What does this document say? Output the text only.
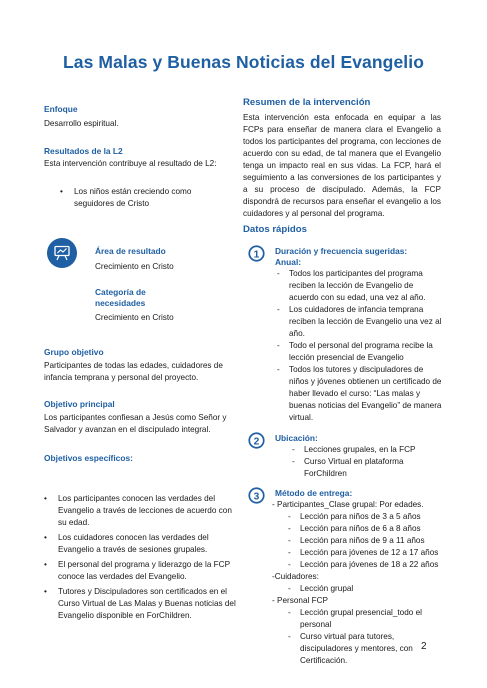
Las Malas y Buenas Noticias del Evangelio
Enfoque
Desarrollo espiritual.
Resultados de la L2
Esta intervención contribuye al resultado de L2:
• Los niños están creciendo como seguidores de Cristo
Área de resultado
Crecimiento en Cristo
Categoría de necesidades
Crecimiento en Cristo
Grupo objetivo
Participantes de todas las edades, cuidadores de infancia temprana y personal del proyecto.
Objetivo principal
Los participantes confiesan a Jesús como Señor y Salvador y avanzan en el discipulado integral.
Objetivos específicos:
• Los participantes conocen las verdades del Evangelio a través de lecciones de acuerdo con su edad.
• Los cuidadores conocen las verdades del Evangelio a través de sesiones grupales.
• El personal del programa y liderazgo de la FCP conoce las verdades del Evangelio.
• Tutores y Discipuladores son certificados en el Curso Virtual de Las Malas y Buenas noticias del Evangelio disponible en ForChildren.
Resumen de la intervención
Esta intervención esta enfocada en equipar a las FCPs para enseñar de manera clara el Evangelio a todos los participantes del programa, con lecciones de acuerdo con su edad, de tal manera que el Evangelio tenga un impacto real en sus vidas. La FCP, hará el seguimiento a las conversiones de los participantes y a su proceso de discipulado. Además, la FCP dispondrá de recursos para enseñar el evangelio a los cuidadores y al personal del programa.
Datos rápidos
1 Duración y frecuencia sugeridas:
Anual:
- Todos los participantes del programa reciben la lección de Evangelio de acuerdo con su edad, una vez al año.
- Los cuidadores de infancia temprana reciben la lección de Evangelio una vez al año.
- Todo el personal del programa recibe la lección presencial de Evangelio
- Todos los tutores y discipuladores de niños y jóvenes obtienen un certificado de haber llevado el curso: “Las malas y buenas noticias del Evangelio” de manera virtual.
2 Ubicación:
- Lecciones grupales, en la FCP
- Curso Virtual en plataforma ForChildren
3 Método de entrega:
- Participantes_Clase grupal: Por edades.
- Lección para niños de 3 a 5 años
- Lección para niños de 6 a 8 años
- Lección para niños de 9 a 11 años
- Lección para jóvenes de 12 a 17 años
- Lección para jóvenes de 18 a 22 años
-Cuidadores:
- Lección grupal
- Personal FCP
- Lección grupal presencial_todo el personal
- Curso virtual para tutores, discipuladores y mentores, con Certificación.
2
